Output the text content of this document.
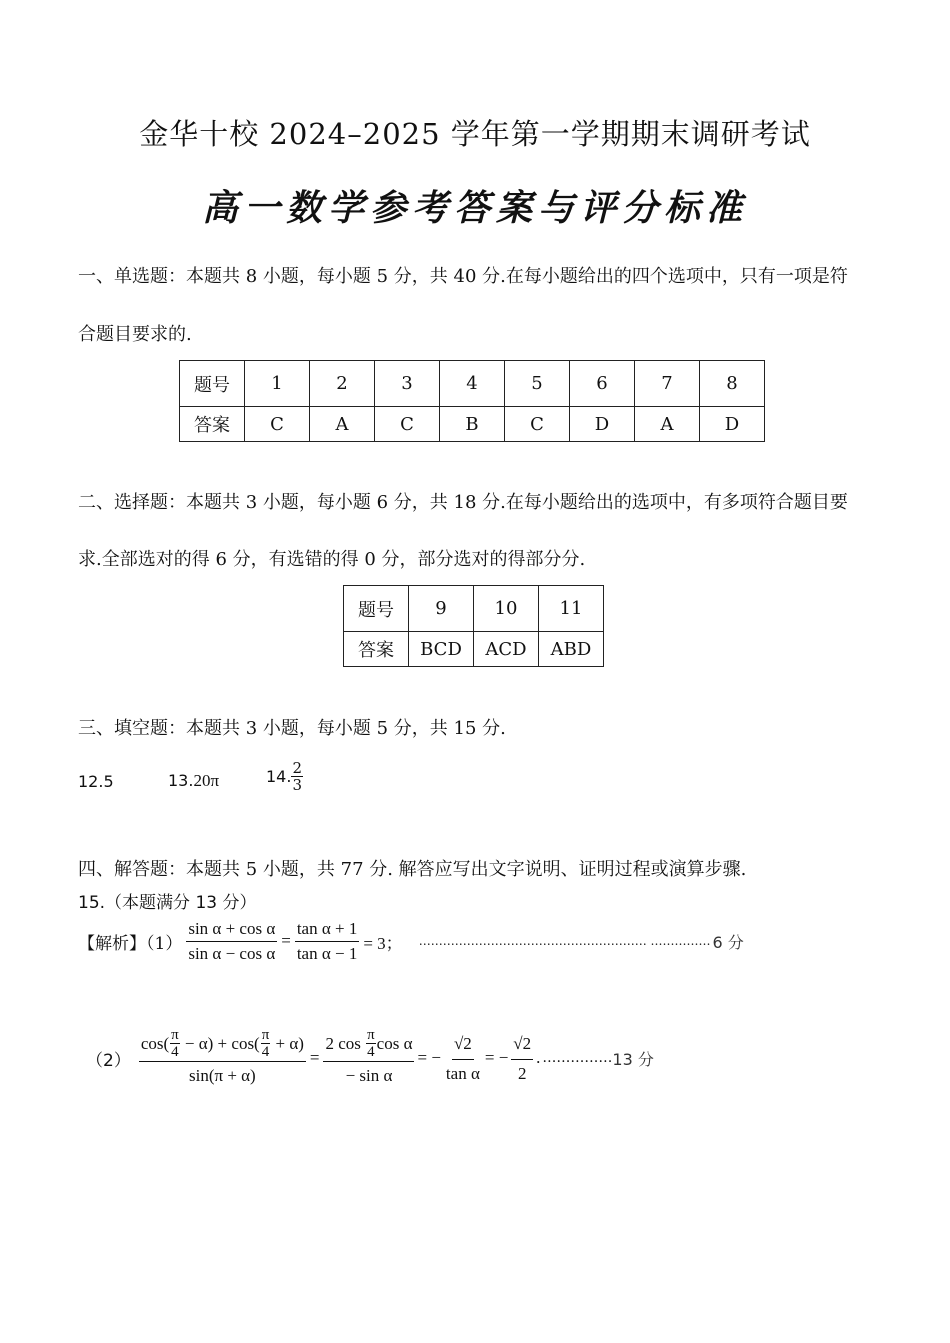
金华十校 2024–2025 学年第一学期期末调研考试
高一数学参考答案与评分标准
一、单选题：本题共 8 小题，每小题 5 分，共 40 分.在每小题给出的四个选项中，只有一项是符
合题目要求的.
题号	1	2	3	4	5	6	7	8
答案	C	A	C	B	C	D	A	D
二、选择题：本题共 3 小题，每小题 6 分，共 18 分.在每小题给出的选项中，有多项符合题目要
求.全部选对的得 6 分，有选错的得 0 分，部分选对的得部分分.
题号	9	10	11
答案	BCD	ACD	ABD
三、填空题：本题共 3 小题，每小题 5 分，共 15 分.
12.5	13.20π	14. $\frac{2}{3}$
四、解答题：本题共 5 小题，共 77 分. 解答应写出文字说明、证明过程或演算步骤.
15.（本题满分 13 分）
【解析】$(1) \frac{\text{sin α + cos α}}{\text{sin α − cos α}} = \frac{\text{tan α + 1}}{\text{tan α − 1}} = 3$； ………………………………………………… …………… 6 分
$(2) \frac{\cos( \frac{\pi}{4} - \alpha) + \cos( \frac{\pi}{4} + \alpha)}{\sin(\pi + \alpha)} = \frac{2 \cos \frac{\pi}{4} \cos \alpha}{\text{− sin α}}$ = − $\frac{√2}{\text{tan α}}$ = − $\frac{√2}{2}$ . …………… 13 分
